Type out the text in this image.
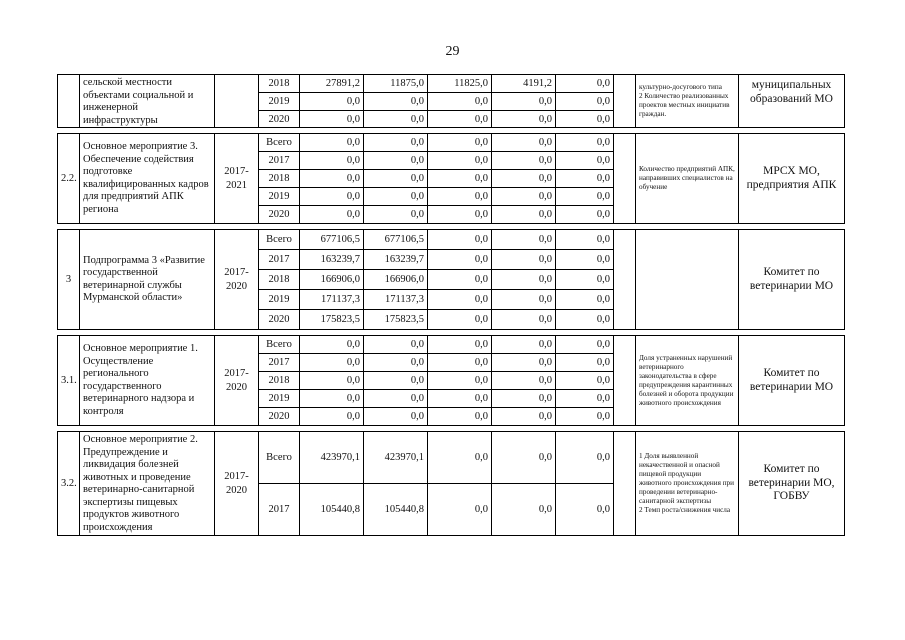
29

	сельской местности объектами социальной и инженерной инфраструктуры		2018	27891,2	11875,0	11825,0	4191,2	0,0		культурно-досугового типа
2 Количество реализованных проектов местных инициатив граждан.	муниципальных образований МО

			2019	0,0	0,0	0,0	0,0	0,0			

			2020	0,0	0,0	0,0	0,0	0,0			

2.2.	Основное мероприятие 3. Обеспечение содействия подготовке квалифицированных кадров для предприятий АПК региона	2017-2021	Всего	0,0	0,0	0,0	0,0	0,0		Количество предприятий АПК, направивших специалистов на обучение	МРСХ МО, предприятия АПК

			2017	0,0	0,0	0,0	0,0	0,0			

			2018	0,0	0,0	0,0	0,0	0,0			

			2019	0,0	0,0	0,0	0,0	0,0			

			2020	0,0	0,0	0,0	0,0	0,0			

3	Подпрограмма 3 «Развитие государственной ветеринарной службы Мурманской области»	2017-2020	Всего	677106,5	677106,5	0,0	0,0	0,0			Комитет по ветеринарии МО

			2017	163239,7	163239,7	0,0	0,0	0,0			

			2018	166906,0	166906,0	0,0	0,0	0,0			

			2019	171137,3	171137,3	0,0	0,0	0,0			

			2020	175823,5	175823,5	0,0	0,0	0,0			

3.1.	Основное мероприятие 1. Осуществление регионального государственного ветеринарного надзора и контроля	2017-2020	Всего	0,0	0,0	0,0	0,0	0,0		Доля устраненных нарушений ветеринарного законодательства в сфере предупреждения карантинных болезней и оборота продукции животного происхождения	Комитет по ветеринарии МО

			2017	0,0	0,0	0,0	0,0	0,0			

			2018	0,0	0,0	0,0	0,0	0,0			

			2019	0,0	0,0	0,0	0,0	0,0			

			2020	0,0	0,0	0,0	0,0	0,0			

3.2.	Основное мероприятие 2. Предупреждение и ликвидация болезней животных и проведение ветеринарно-санитарной экспертизы пищевых продуктов животного происхождения	2017-2020	Всего	423970,1	423970,1	0,0	0,0	0,0		1 Доля выявленной некачественной и опасной пищевой продукции животного происхождения при проведении ветеринарно-санитарной экспертизы
2 Темп роста/снижения числа	Комитет по ветеринарии МО, ГОБВУ

			2017	105440,8	105440,8	0,0	0,0	0,0			
